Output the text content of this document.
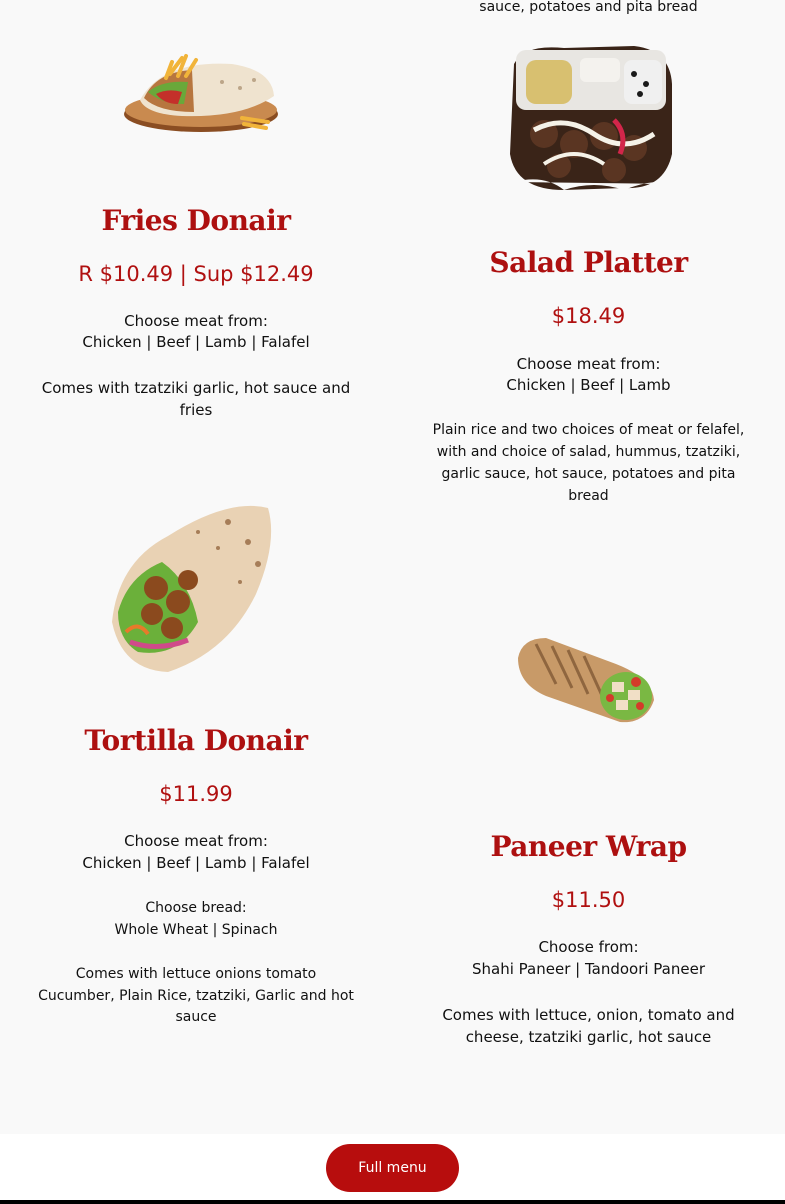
sauce, potatoes and pita bread
Fries Donair
R $10.49 | Sup $12.49
Choose meat from:
Chicken | Beef | Lamb | Falafel
Comes with tzatziki garlic, hot sauce and
fries
Salad Platter
$18.49
Choose meat from:
Chicken | Beef | Lamb
Plain rice and two choices of meat or felafel,
with and choice of salad, hummus, tzatziki,
garlic sauce, hot sauce, potatoes and pita
bread
Tortilla Donair
$11.99
Choose meat from:
Chicken | Beef | Lamb | Falafel
Choose bread:
Whole Wheat | Spinach
Comes with lettuce onions tomato
Cucumber, Plain Rice, tzatziki, Garlic and hot
sauce
Paneer Wrap
$11.50
Choose from:
Shahi Paneer | Tandoori Paneer
Comes with lettuce, onion, tomato and
cheese, tzatziki garlic, hot sauce
Full menu
